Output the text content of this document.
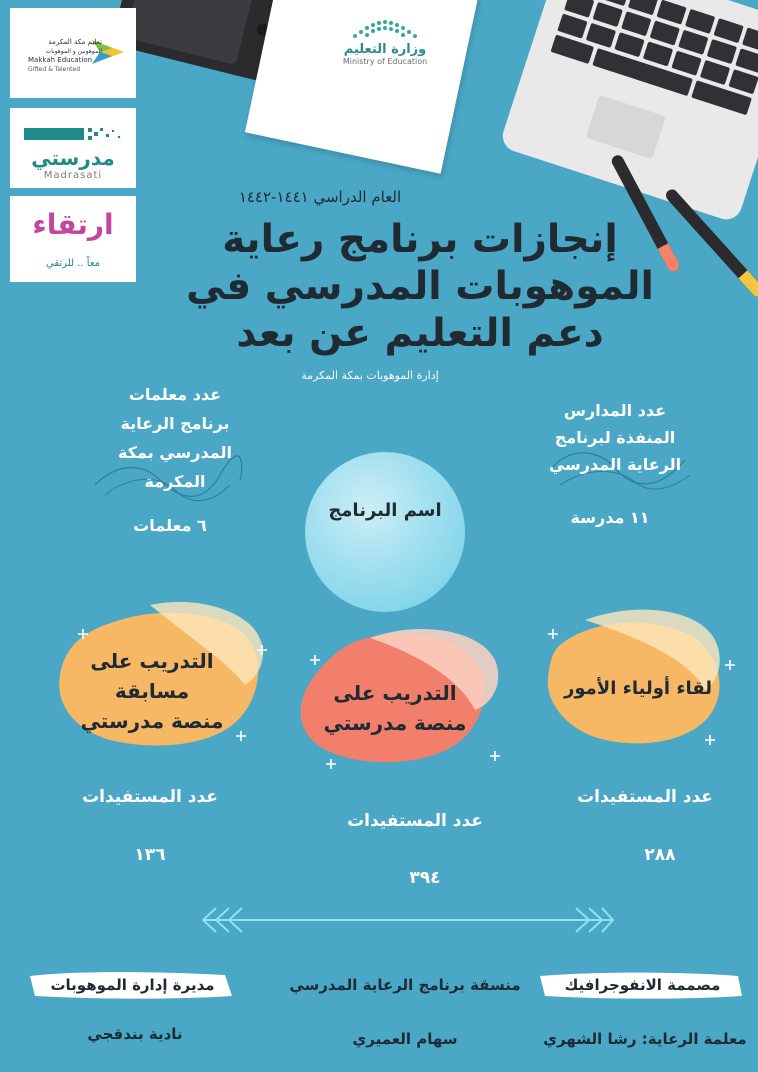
وزارة التعليم
Ministry of Education
تعليم مكة المكرمة
الموهوبين و الموهوبات
Makkah Education
Gifted & Talented
مدرستي
Madrasati
ارتقاء
معاً .. للرتقي
العام الدراسي ١٤٤١-١٤٤٢
إنجازات برنامج رعاية
الموهوبات المدرسي في
دعم التعليم عن بعد
إدارة الموهوبات بمكة المكرمة
عدد معلمات
برنامج الرعاية
المدرسي بمكة
المكرمة
٦ معلمات
عدد المدارس
المنفذة لبرنامج
الرعاية المدرسي
١١ مدرسة
اسم البرنامج
التدريب على
مسابقة
منصة مدرستي
التدريب على
منصة مدرستي
لقاء أولياء الأمور
عدد المستفيدات
١٣٦
عدد المستفيدات
٣٩٤
عدد المستفيدات
٢٨٨
مصممة الانفوجرافيك
منسقة برنامج الرعاية المدرسي
مديرة إدارة الموهوبات
معلمة الرعاية: رشا الشهري
سهام العميري
نادية بندقجي
